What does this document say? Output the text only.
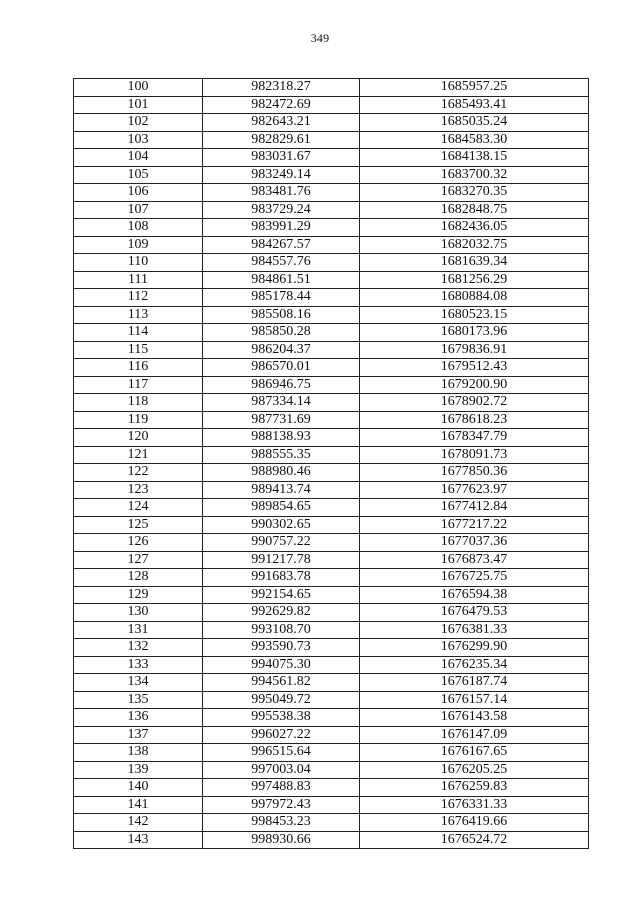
349
100	982318.27	1685957.25
101	982472.69	1685493.41
102	982643.21	1685035.24
103	982829.61	1684583.30
104	983031.67	1684138.15
105	983249.14	1683700.32
106	983481.76	1683270.35
107	983729.24	1682848.75
108	983991.29	1682436.05
109	984267.57	1682032.75
110	984557.76	1681639.34
111	984861.51	1681256.29
112	985178.44	1680884.08
113	985508.16	1680523.15
114	985850.28	1680173.96
115	986204.37	1679836.91
116	986570.01	1679512.43
117	986946.75	1679200.90
118	987334.14	1678902.72
119	987731.69	1678618.23
120	988138.93	1678347.79
121	988555.35	1678091.73
122	988980.46	1677850.36
123	989413.74	1677623.97
124	989854.65	1677412.84
125	990302.65	1677217.22
126	990757.22	1677037.36
127	991217.78	1676873.47
128	991683.78	1676725.75
129	992154.65	1676594.38
130	992629.82	1676479.53
131	993108.70	1676381.33
132	993590.73	1676299.90
133	994075.30	1676235.34
134	994561.82	1676187.74
135	995049.72	1676157.14
136	995538.38	1676143.58
137	996027.22	1676147.09
138	996515.64	1676167.65
139	997003.04	1676205.25
140	997488.83	1676259.83
141	997972.43	1676331.33
142	998453.23	1676419.66
143	998930.66	1676524.72
